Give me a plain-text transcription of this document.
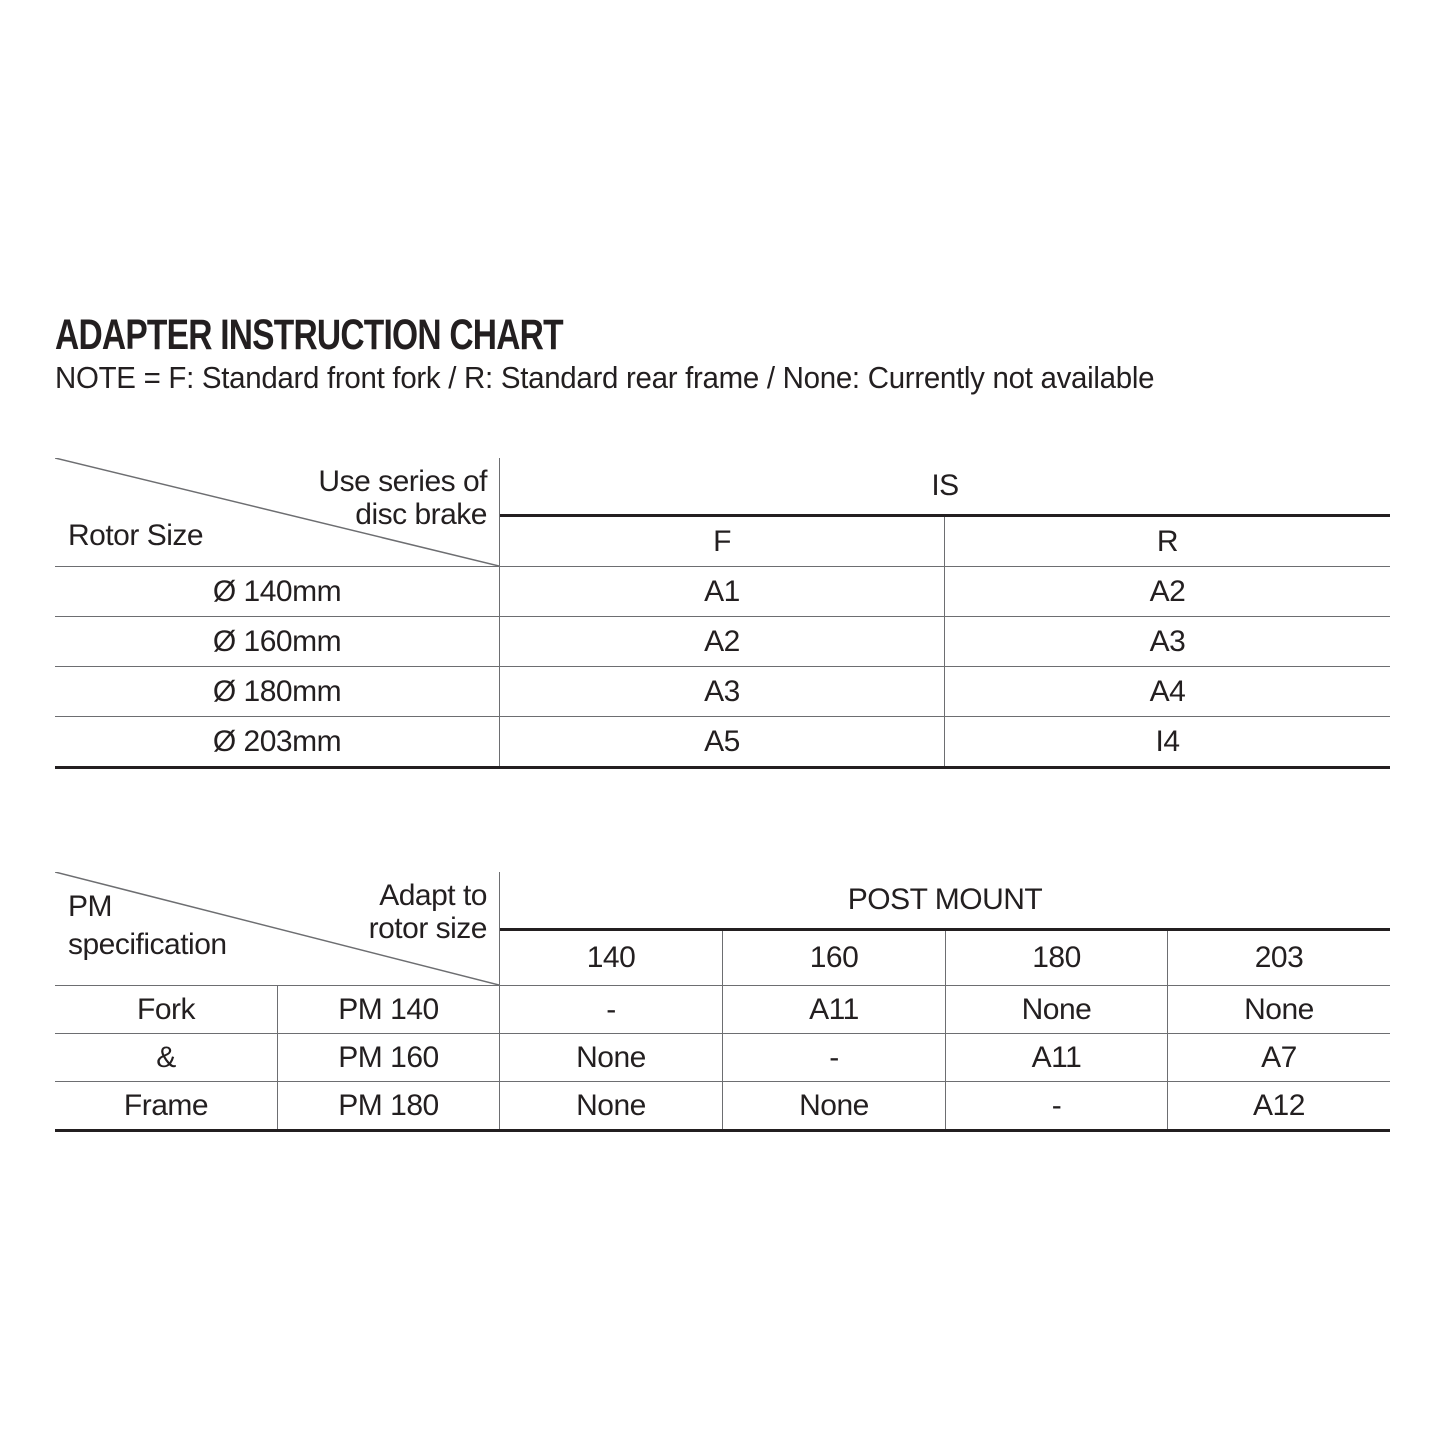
ADAPTER INSTRUCTION CHART
NOTE = F: Standard front fork / R: Standard rear frame / None: Currently not available
Use series of
disc brake
Rotor Size
IS
F	R
Ø 140mm	A1	A2
Ø 160mm	A2	A3
Ø 180mm	A3	A4
Ø 203mm	A5	I4
Adapt to
rotor size
PM
specification
POST MOUNT
140	160	180	203
Fork	PM 140	-	A11	None	None
&	PM 160	None	-	A11	A7
Frame	PM 180	None	None	-	A12
